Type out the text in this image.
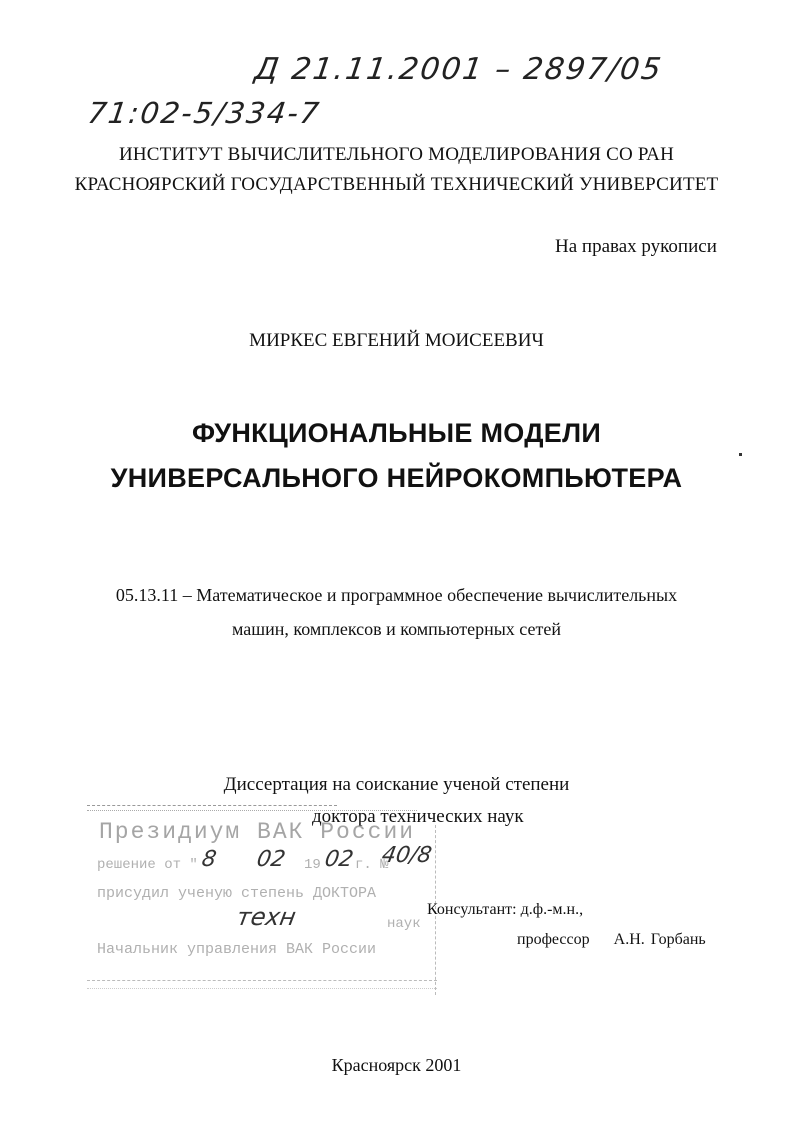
Д 21.11.2001 – 2897/05
71:02-5/334-7
ИНСТИТУТ ВЫЧИСЛИТЕЛЬНОГО МОДЕЛИРОВАНИЯ СО РАН
КРАСНОЯРСКИЙ ГОСУДАРСТВЕННЫЙ ТЕХНИЧЕСКИЙ УНИВЕРСИТЕТ
На правах рукописи
МИРКЕС ЕВГЕНИЙ МОИСЕЕВИЧ
ФУНКЦИОНАЛЬНЫЕ МОДЕЛИ
УНИВЕРСАЛЬНОГО НЕЙРОКОМПЬЮТЕРА
05.13.11 – Математическое и программное обеспечение вычислительных
машин, комплексов и компьютерных сетей
Диссертация на соискание ученой степени
доктора технических наук
Президиум ВАК России
решение от " 8 02 19 02 г. №
40/8
присудил ученую степень ДОКТОРА
техн	наук
Начальник управления ВАК России
Консультант: д.ф.-м.н.,
профессор    А.Н. Горбань
Красноярск 2001
